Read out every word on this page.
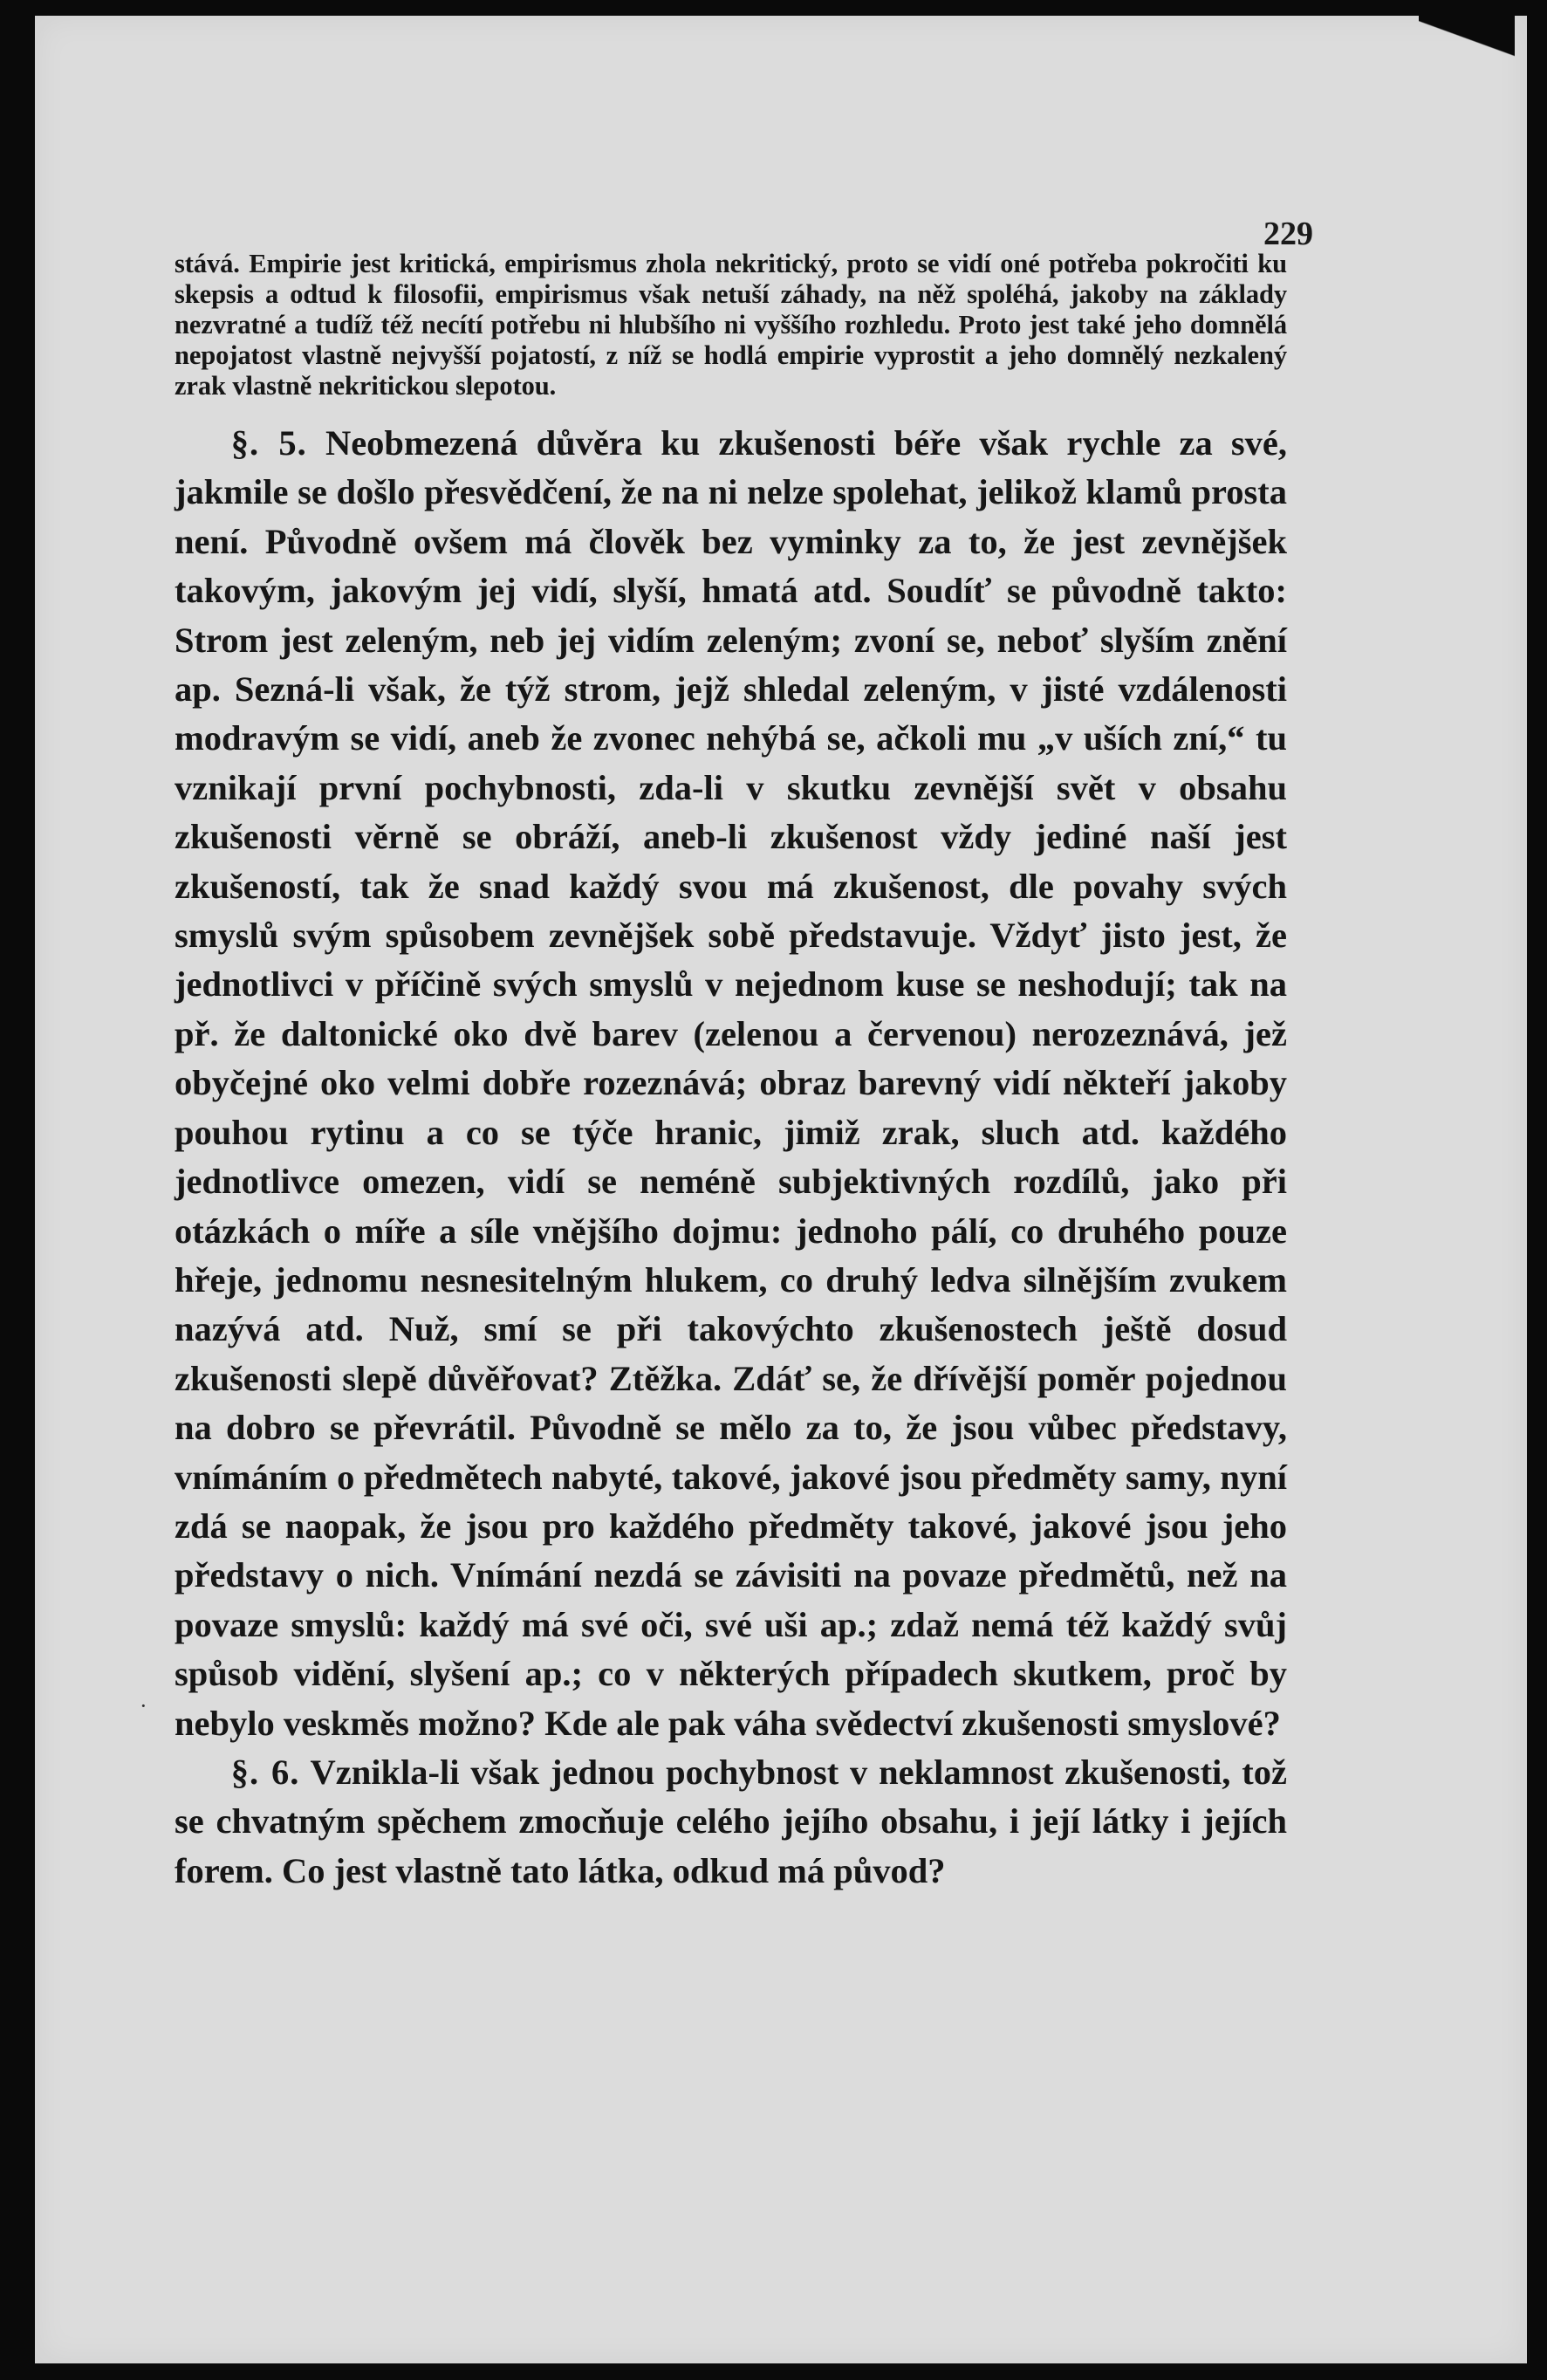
229

stává. Empirie jest kritická, empirismus zhola nekritický, proto se vidí oné potřeba pokročiti ku skepsis a odtud k filosofii, empirismus však netuší záhady, na něž spoléhá, jakoby na základy nezvratné a tudíž též necítí potřebu ni hlubšího ni vyššího rozhledu. Proto jest také jeho domnělá nepojatost vlastně nejvyšší pojatostí, z níž se hodlá empirie vyprostit a jeho domnělý nezkalený zrak vlastně nekritickou slepotou.

§. 5. Neobmezená důvěra ku zkušenosti béře však rychle za své, jakmile se došlo přesvědčení, že na ni nelze spolehat, jelikož klamů prosta není. Původně ovšem má člověk bez vyminky za to, že jest zevnějšek takovým, jakovým jej vidí, slyší, hmatá atd. Soudíť se původně takto: Strom jest zeleným, neb jej vidím zeleným; zvoní se, neboť slyším znění ap. Sezná-li však, že týž strom, jejž shledal zeleným, v jisté vzdálenosti modravým se vidí, aneb že zvonec nehýbá se, ačkoli mu „v uších zní,“ tu vznikají první pochybnosti, zda-li v skutku zevnější svět v obsahu zkušenosti věrně se obráží, aneb-li zkušenost vždy jediné naší jest zkušeností, tak že snad každý svou má zkušenost, dle povahy svých smyslů svým spůsobem zevnějšek sobě představuje. Vždyť jisto jest, že jednotlivci v příčině svých smyslů v nejednom kuse se neshodují; tak na př. že daltonické oko dvě barev (zelenou a červenou) nerozeznává, jež obyčejné oko velmi dobře rozeznává; obraz barevný vidí někteří jakoby pouhou rytinu a co se týče hranic, jimiž zrak, sluch atd. každého jednotlivce omezen, vidí se neméně subjektivných rozdílů, jako při otázkách o míře a síle vnějšího dojmu: jednoho pálí, co druhého pouze hřeje, jednomu nesnesitelným hlukem, co druhý ledva silnějším zvukem nazývá atd. Nuž, smí se při takovýchto zkušenostech ještě dosud zkušenosti slepě důvěřovat? Ztěžka. Zdáť se, že dřívější poměr pojednou na dobro se převrátil. Původně se mělo za to, že jsou vůbec představy, vnímáním o předmětech nabyté, takové, jakové jsou předměty samy, nyní zdá se naopak, že jsou pro každého předměty takové, jakové jsou jeho představy o nich. Vnímání nezdá se závisiti na povaze předmětů, než na povaze smyslů: každý má své oči, své uši ap.; zdaž nemá též každý svůj spůsob vidění, slyšení ap.; co v některých případech skutkem, proč by nebylo veskměs možno? Kde ale pak váha svědectví zkušenosti smyslové?

§. 6. Vznikla-li však jednou pochybnost v neklamnost zkušenosti, tož se chvatným spěchem zmocňuje celého jejího obsahu, i její látky i jejích forem. Co jest vlastně tato látka, odkud má původ?

·
